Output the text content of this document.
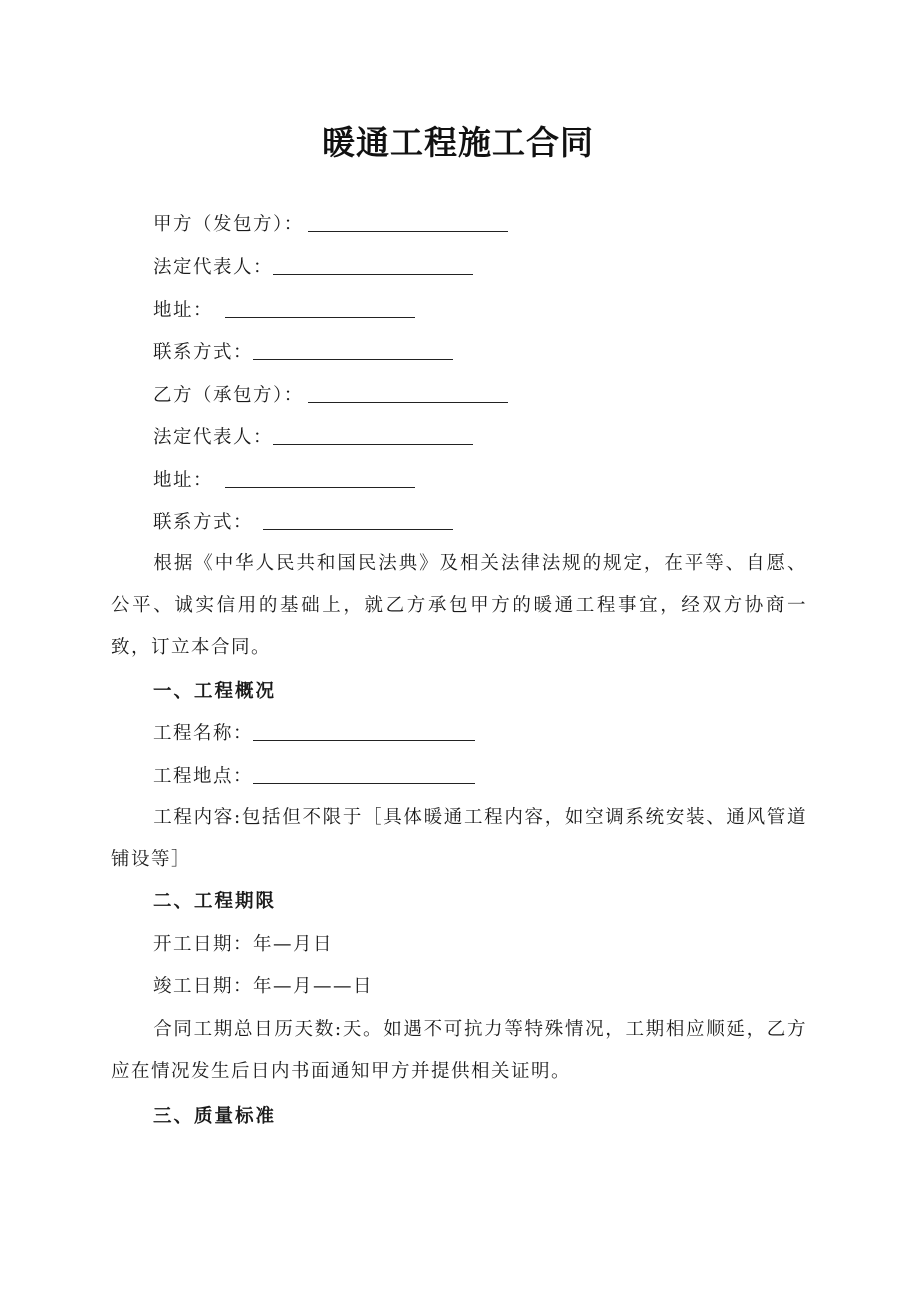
暖通工程施工合同
甲方（发包方）：
法定代表人：
地址：
联系方式：
乙方（承包方）：
法定代表人：
地址：
联系方式：
根据《中华人民共和国民法典》及相关法律法规的规定，在平等、自愿、公平、诚实信用的基础上，就乙方承包甲方的暖通工程事宜，经双方协商一致，订立本合同。
一、工程概况
工程名称：
工程地点：
工程内容:包括但不限于［具体暖通工程内容，如空调系统安装、通风管道铺设等］
二、工程期限
开工日期：年—月日
竣工日期：年—月——日
合同工期总日历天数:天。如遇不可抗力等特殊情况，工期相应顺延，乙方应在情况发生后日内书面通知甲方并提供相关证明。
三、质量标准
